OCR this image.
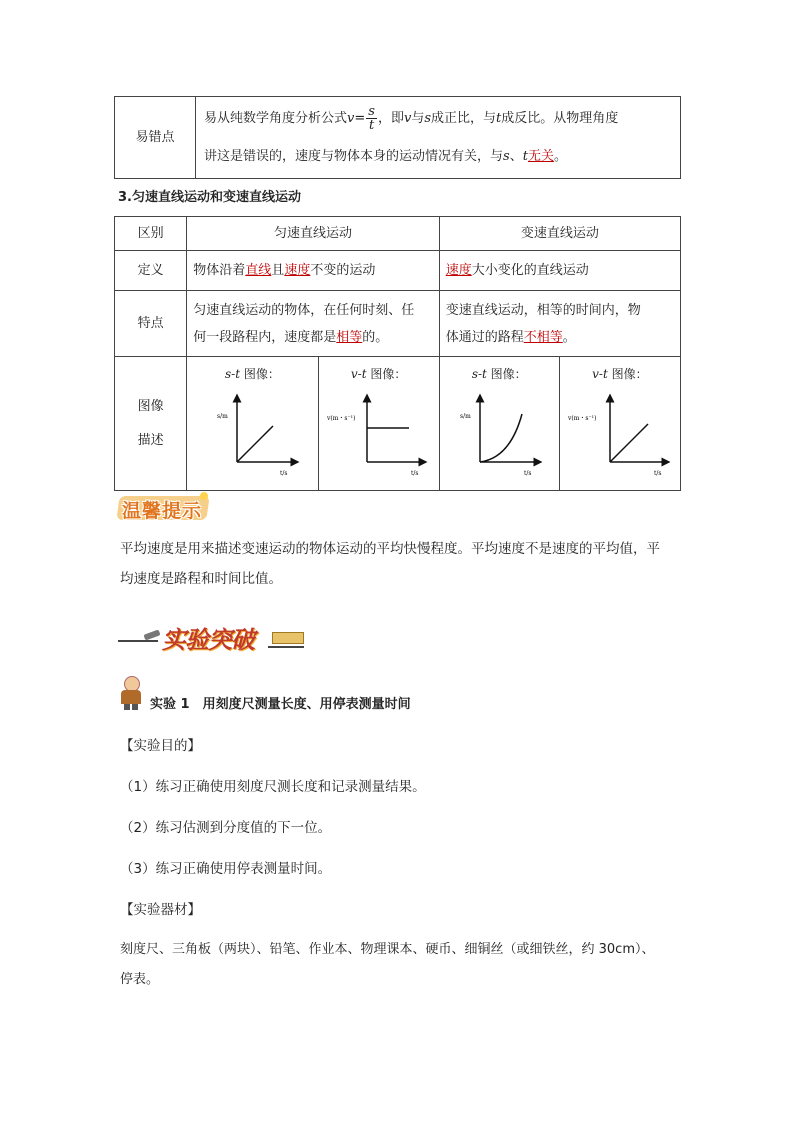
易错点	易从纯数学角度分析公式$v= \frac{s}{t}$ ，即v与s成正比，与t成反比。从物理角度
讲这是错误的，速度与物体本身的运动情况有关，与s、t无关。
3.匀速直线运动和变速直线运动
区别	匀速直线运动		变速直线运动	
定义	物体沿着直线且速度不变的运动		速度大小变化的直线运动	
特点	匀速直线运动的物体，在任何时刻、任
何一段路程内，速度都是相等的。		变速直线运动，相等的时间内，物
体通过的路程不相等。	
图像
描述	s-t 图像：
s/m
t/s	v-t 图像：
v(m・s⁻¹)
t/s	s-t 图像：
s/m
t/s	v-t 图像：
v(m・s⁻¹)
t/s
温馨提示
平均速度是用来描述变速运动的物体运动的平均快慢程度。平均速度不是速度的平均值，平
均速度是路程和时间比值。
实验突破
实验 1　用刻度尺测量长度、用停表测量时间
【实验目的】
（1）练习正确使用刻度尺测长度和记录测量结果。
（2）练习估测到分度值的下一位。
（3）练习正确使用停表测量时间。
【实验器材】
刻度尺、三角板（两块）、铅笔、作业本、物理课本、硬币、细铜丝（或细铁丝，约 30cm）、
停表。
